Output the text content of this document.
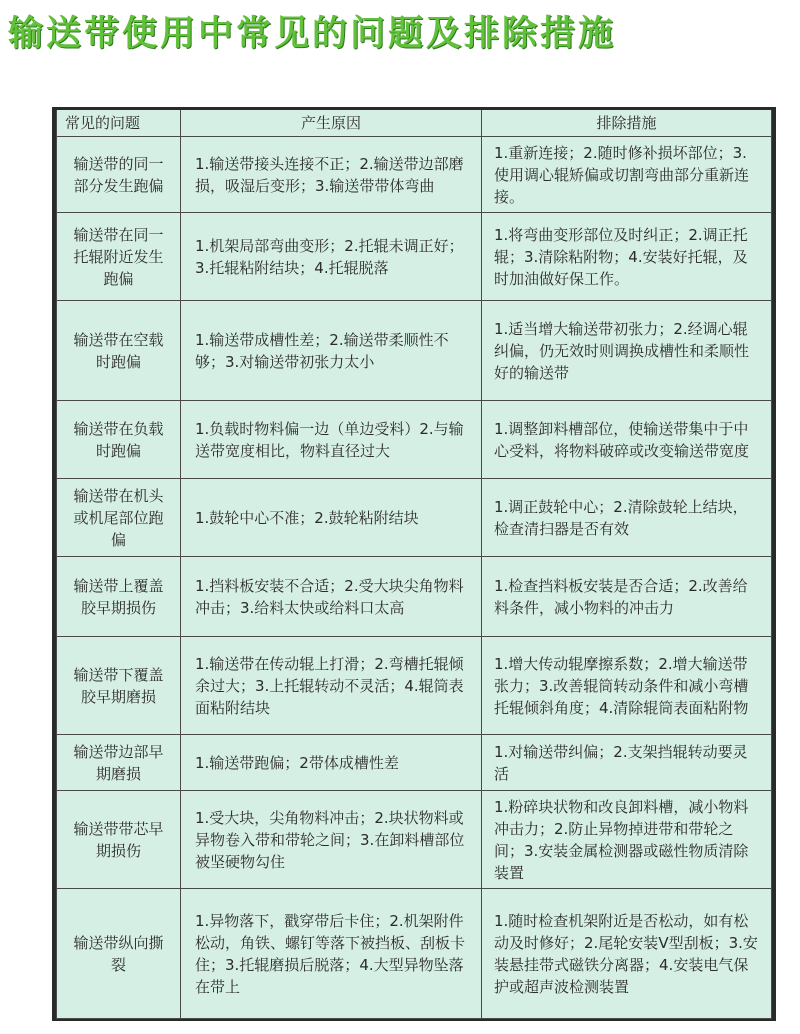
输送带使用中常见的问题及排除措施
常见的问题	产生原因	排除措施
输送带的同一部分发生跑偏	1.输送带接头连接不正；2.输送带边部磨损，吸湿后变形；3.输送带带体弯曲	1.重新连接；2.随时修补损坏部位；3.使用调心辊矫偏或切割弯曲部分重新连接。
输送带在同一托辊附近发生跑偏	1.机架局部弯曲变形；2.托辊未调正好；3.托辊粘附结块；4.托辊脱落	1.将弯曲变形部位及时纠正；2.调正托辊；3.清除粘附物；4.安装好托辊，及时加油做好保工作。
输送带在空载时跑偏	1.输送带成槽性差；2.输送带柔顺性不够；3.对输送带初张力太小	1.适当增大输送带初张力；2.经调心辊纠偏，仍无效时则调换成槽性和柔顺性好的输送带
输送带在负载时跑偏	1.负载时物料偏一边（单边受料）2.与输送带宽度相比，物料直径过大	1.调整卸料槽部位，使输送带集中于中心受料，将物料破碎或改变输送带宽度
输送带在机头或机尾部位跑偏	1.鼓轮中心不准；2.鼓轮粘附结块	1.调正鼓轮中心；2.清除鼓轮上结块，检查清扫器是否有效
输送带上覆盖胶早期损伤	1.挡料板安装不合适；2.受大块尖角物料冲击；3.给料太快或给料口太高	1.检查挡料板安装是否合适；2.改善给料条件，减小物料的冲击力
输送带下覆盖胶早期磨损	1.输送带在传动辊上打滑；2.弯槽托辊倾余过大；3.上托辊转动不灵活；4.辊筒表面粘附结块	1.增大传动辊摩擦系数；2.增大输送带张力；3.改善辊筒转动条件和减小弯槽托辊倾斜角度；4.清除辊筒表面粘附物
输送带边部早期磨损	1.输送带跑偏；2带体成槽性差	1.对输送带纠偏；2.支架挡辊转动要灵活
输送带带芯早期损伤	1.受大块，尖角物料冲击；2.块状物料或异物卷入带和带轮之间；3.在卸料槽部位被坚硬物勾住	1.粉碎块状物和改良卸料槽，减小物料冲击力；2.防止异物掉进带和带轮之间；3.安装金属检测器或磁性物质清除装置
输送带纵向撕裂	1.异物落下，戳穿带后卡住；2.机架附件松动，角铁、螺钉等落下被挡板、刮板卡住；3.托辊磨损后脱落；4.大型异物坠落在带上	1.随时检查机架附近是否松动，如有松动及时修好；2.尾轮安装V型刮板；3.安装悬挂带式磁铁分离器；4.安装电气保护或超声波检测装置
